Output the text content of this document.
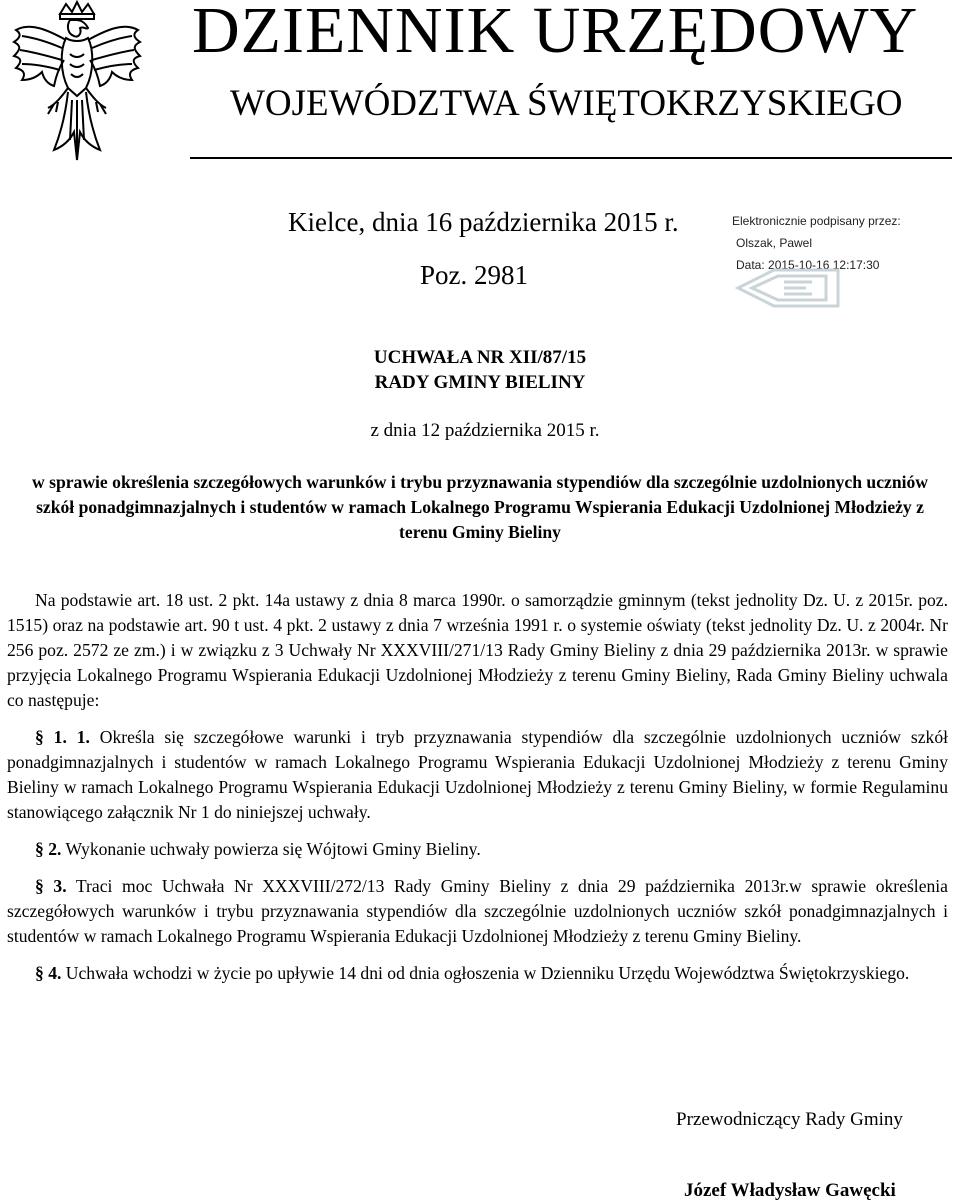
DZIENNIK URZĘDOWY
WOJEWÓDZTWA ŚWIĘTOKRZYSKIEGO
Kielce, dnia 16 października 2015 r.
Poz. 2981
Elektronicznie podpisany przez:
Olszak, Pawel
Data: 2015-10-16 12:17:30
UCHWAŁA NR XII/87/15
RADY GMINY BIELINY
z dnia 12 października 2015 r.
w sprawie określenia szczegółowych warunków i trybu przyznawania stypendiów dla szczególnie uzdolnionych uczniów szkół ponadgimnazjalnych i studentów w ramach Lokalnego Programu Wspierania Edukacji Uzdolnionej Młodzieży z terenu Gminy Bieliny

Na podstawie art. 18 ust. 2 pkt. 14a ustawy z dnia 8 marca 1990r. o samorządzie gminnym (tekst jednolity Dz. U. z 2015r. poz. 1515) oraz na podstawie art. 90 t ust. 4 pkt. 2 ustawy z dnia 7 września 1991 r. o systemie oświaty (tekst jednolity Dz. U. z 2004r. Nr 256 poz. 2572 ze zm.) i w związku z 3 Uchwały Nr XXXVIII/271/13 Rady Gminy Bieliny z dnia 29 października 2013r. w sprawie przyjęcia Lokalnego Programu Wspierania Edukacji Uzdolnionej Młodzieży z terenu Gminy Bieliny, Rada Gminy Bieliny uchwala co następuje:

§ 1. 1. Określa się szczegółowe warunki i tryb przyznawania stypendiów dla szczególnie uzdolnionych uczniów szkół ponadgimnazjalnych i studentów w ramach Lokalnego Programu Wspierania Edukacji Uzdolnionej Młodzieży z terenu Gminy Bieliny w ramach Lokalnego Programu Wspierania Edukacji Uzdolnionej Młodzieży z terenu Gminy Bieliny, w formie Regulaminu stanowiącego załącznik Nr 1 do niniejszej uchwały.

§ 2. Wykonanie uchwały powierza się Wójtowi Gminy Bieliny.

§ 3. Traci moc Uchwała Nr XXXVIII/272/13 Rady Gminy Bieliny z dnia 29 października 2013r.w sprawie określenia szczegółowych warunków i trybu przyznawania stypendiów dla szczególnie uzdolnionych uczniów szkół ponadgimnazjalnych i studentów w ramach Lokalnego Programu Wspierania Edukacji Uzdolnionej Młodzieży z terenu Gminy Bieliny.

§ 4. Uchwała wchodzi w życie po upływie 14 dni od dnia ogłoszenia w Dzienniku Urzędu Województwa Świętokrzyskiego.

Przewodniczący Rady Gminy
Józef Władysław Gawęcki
